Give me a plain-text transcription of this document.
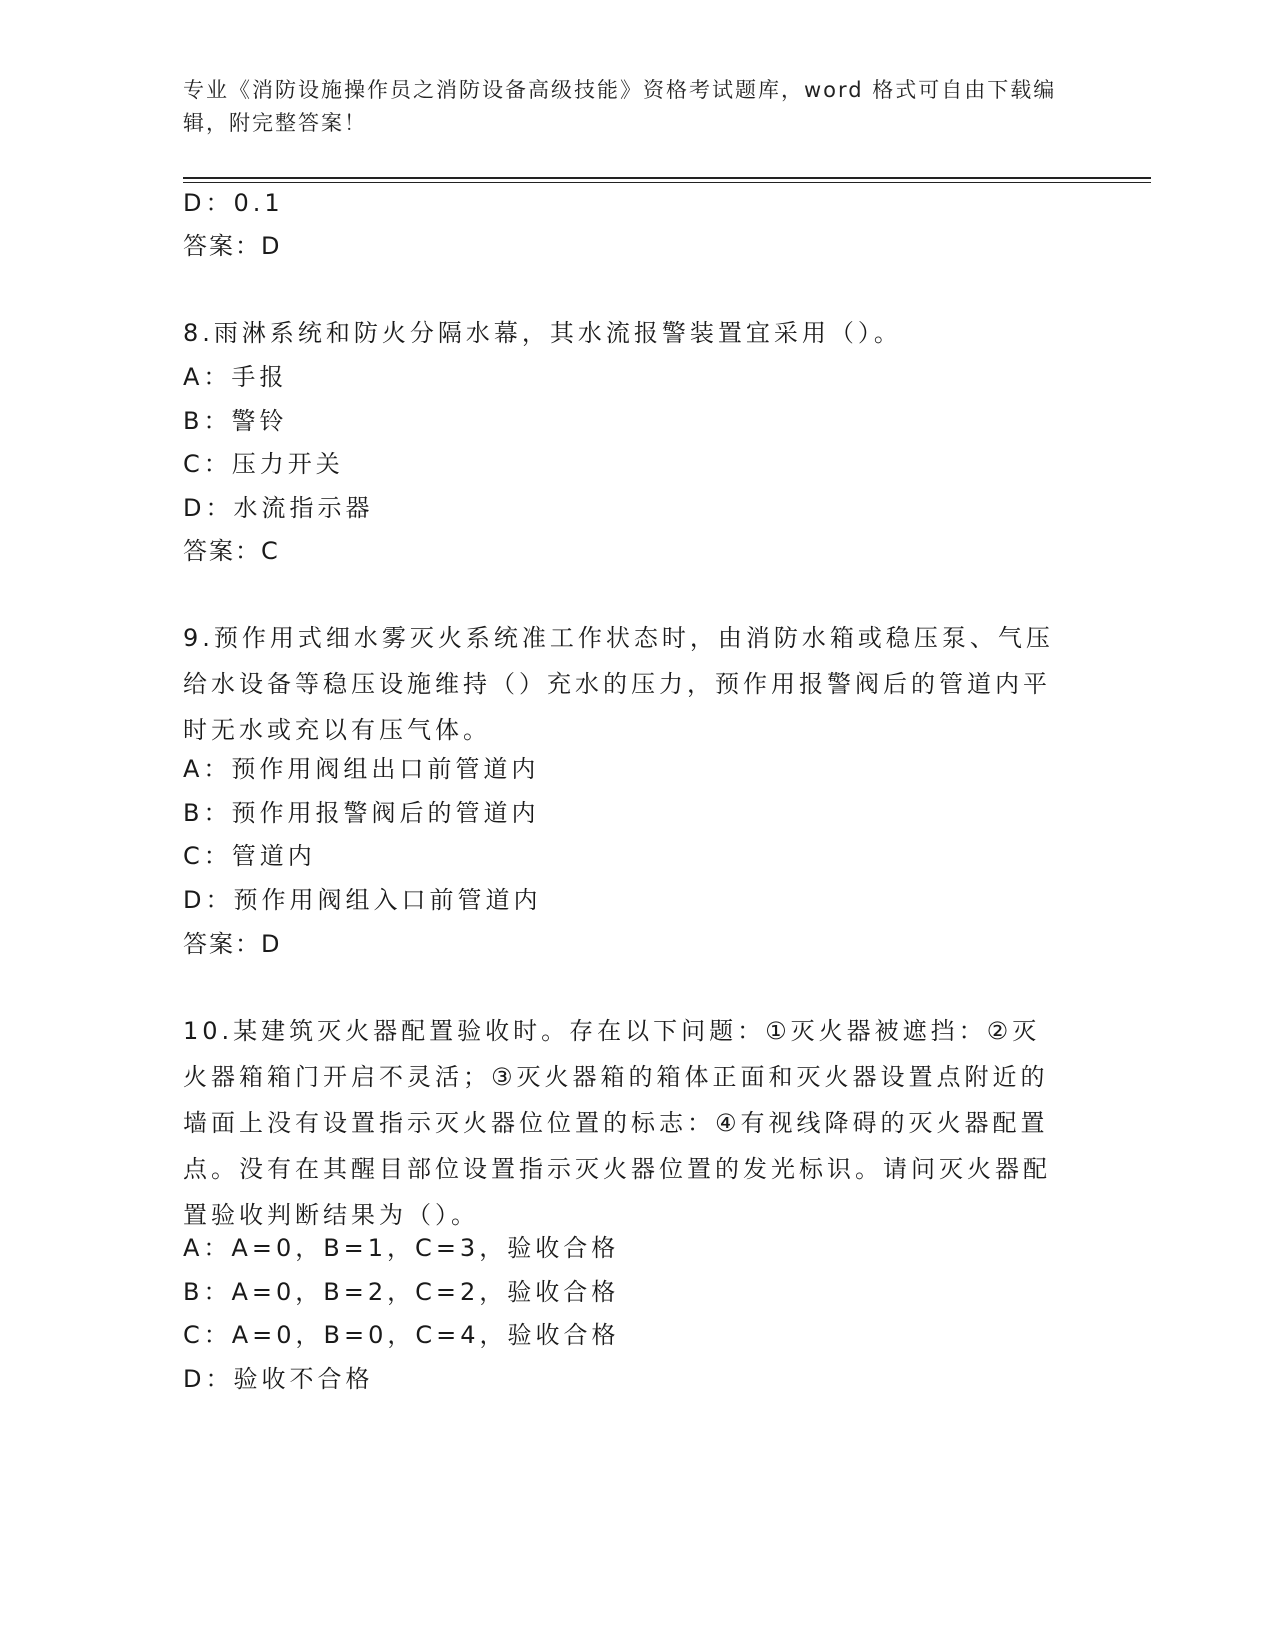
专业《消防设施操作员之消防设备高级技能》资格考试题库，word 格式可自由下载编辑，附完整答案！
D：0.1
答案：D
8.雨淋系统和防火分隔水幕，其水流报警装置宜采用（）。
A：手报
B：警铃
C：压力开关
D：水流指示器
答案：C
9.预作用式细水雾灭火系统准工作状态时，由消防水箱或稳压泵、气压给水设备等稳压设施维持（）充水的压力，预作用报警阀后的管道内平时无水或充以有压气体。
A：预作用阀组出口前管道内
B：预作用报警阀后的管道内
C：管道内
D：预作用阀组入口前管道内
答案：D
10.某建筑灭火器配置验收时。存在以下问题：①灭火器被遮挡：②灭火器箱箱门开启不灵活；③灭火器箱的箱体正面和灭火器设置点附近的墙面上没有设置指示灭火器位位置的标志：④有视线降碍的灭火器配置点。没有在其醒目部位设置指示灭火器位置的发光标识。请问灭火器配置验收判断结果为（）。
A：A=0，B=1，C=3，验收合格
B：A=0，B=2，C=2，验收合格
C：A=0，B=0，C=4，验收合格
D：验收不合格
